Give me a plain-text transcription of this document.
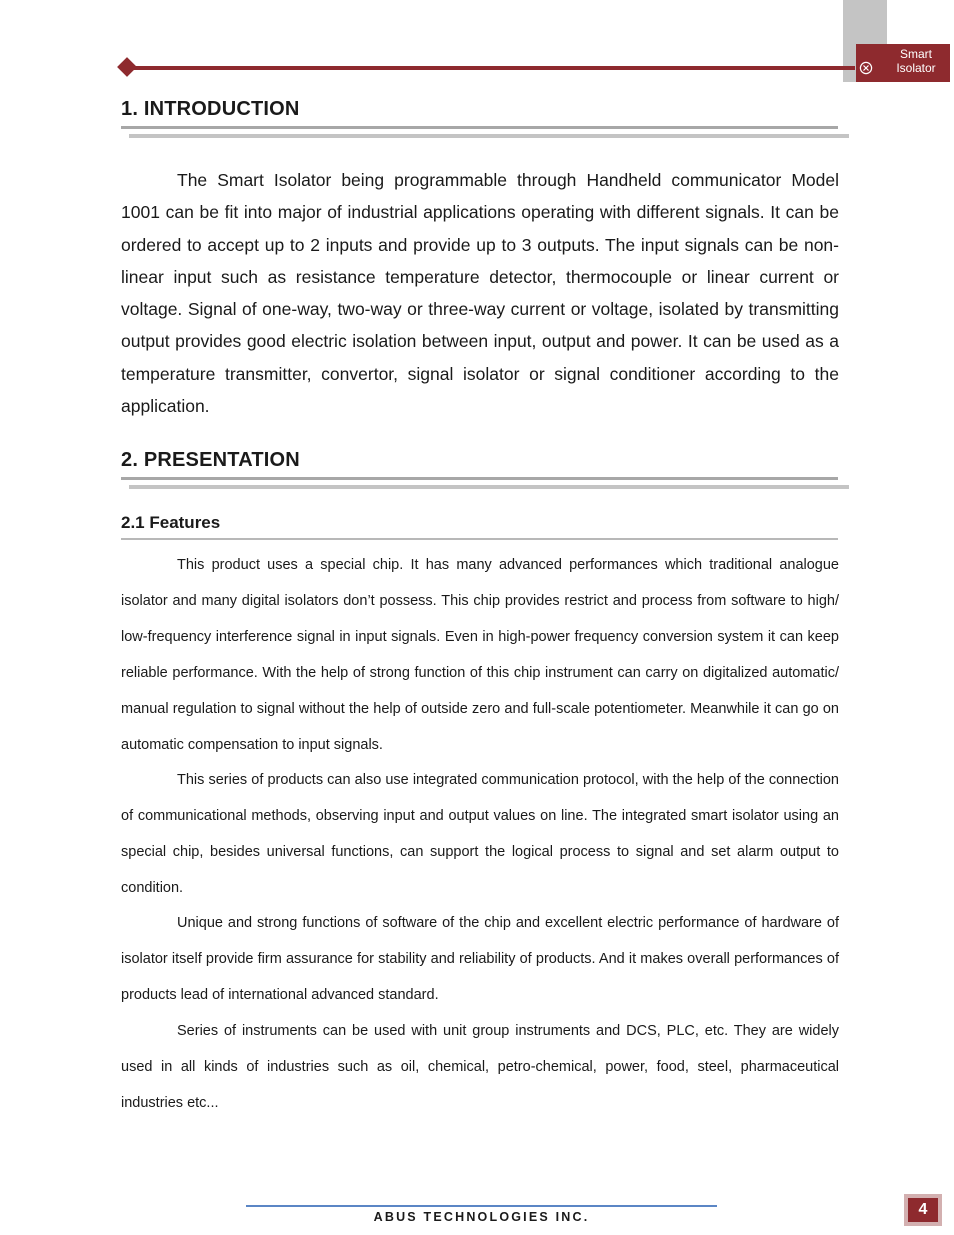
Smart
Isolator
1. INTRODUCTION

The Smart Isolator being programmable through Handheld communicator Model 1001 can be fit into major of industrial applications operating with different signals. It can be ordered to accept up to 2 inputs and provide up to 3 outputs. The input signals can be non-linear input such as resistance temperature detector, thermocouple or linear current or voltage. Signal of one-way, two-way or three-way current or voltage, isolated by transmitting output provides good electric isolation between input, output and power. It can be used as a temperature transmitter, convertor, signal isolator or signal conditioner according to the application.

2. PRESENTATION
2.1 Features

This product uses a special chip. It has many advanced performances which traditional analogue isolator and many digital isolators don’t possess. This chip provides restrict and process from software to high/ low-frequency interference signal in input signals. Even in high-power frequency conversion system it can keep reliable performance. With the help of strong function of this chip instrument can carry on digitalized automatic/ manual regulation to signal without the help of outside zero and full-scale potentiometer. Meanwhile it can go on automatic compensation to input signals.

This series of products can also use integrated communication protocol, with the help of the connection of communicational methods, observing input and output values on line. The integrated smart isolator using an special chip, besides universal functions, can support the logical process to signal and set alarm output to condition.

Unique and strong functions of software of the chip and excellent electric performance of hardware of isolator itself provide firm assurance for stability and reliability of products. And it makes overall performances of products lead of international advanced standard.

Series of instruments can be used with unit group instruments and DCS, PLC, etc. They are widely used in all kinds of industries such as oil, chemical, petro-chemical, power, food, steel, pharmaceutical industries etc...

ABUS TECHNOLOGIES INC.	4
